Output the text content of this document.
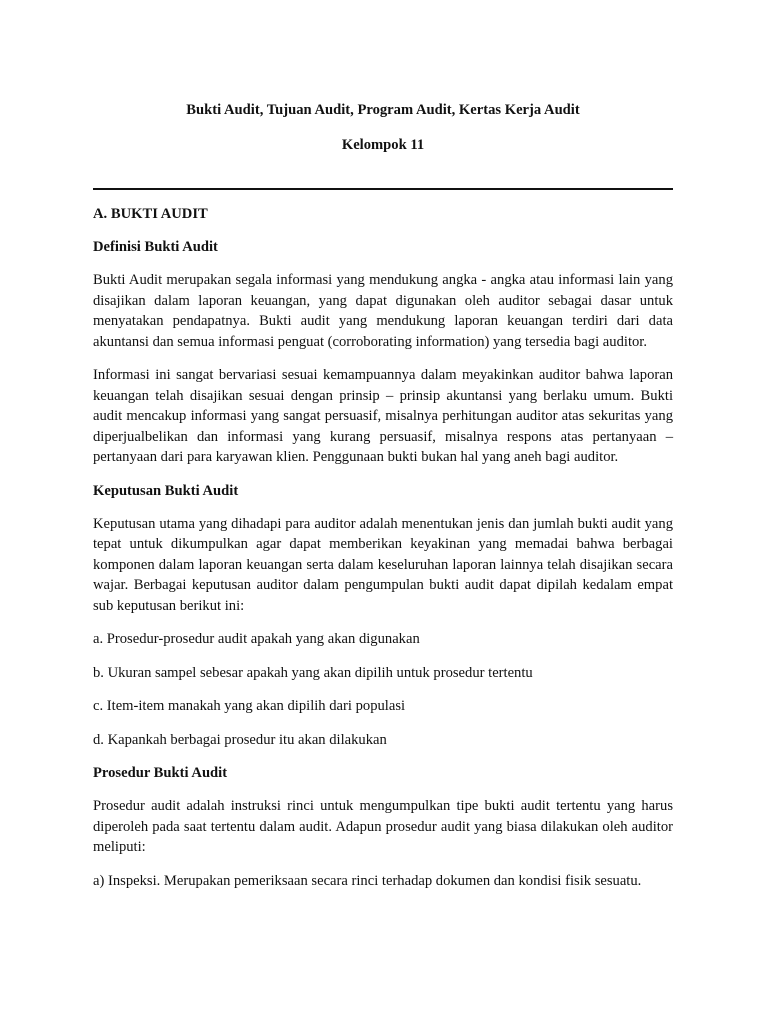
Bukti Audit, Tujuan Audit, Program Audit, Kertas Kerja Audit
Kelompok 11
A. BUKTI AUDIT
Definisi Bukti Audit

Bukti Audit merupakan segala informasi yang mendukung angka - angka atau informasi lain yang disajikan dalam laporan keuangan, yang dapat digunakan oleh auditor sebagai dasar untuk menyatakan pendapatnya. Bukti audit yang mendukung laporan keuangan terdiri dari data akuntansi dan semua informasi penguat (corroborating information) yang tersedia bagi auditor.

Informasi ini sangat bervariasi sesuai kemampuannya dalam meyakinkan auditor bahwa laporan keuangan telah disajikan sesuai dengan prinsip – prinsip akuntansi yang berlaku umum. Bukti audit mencakup informasi yang sangat persuasif, misalnya perhitungan auditor atas sekuritas yang diperjualbelikan dan informasi yang kurang persuasif, misalnya respons atas pertanyaan – pertanyaan dari para karyawan klien. Penggunaan bukti bukan hal yang aneh bagi auditor.

Keputusan Bukti Audit

Keputusan utama yang dihadapi para auditor adalah menentukan jenis dan jumlah bukti audit yang tepat untuk dikumpulkan agar dapat memberikan keyakinan yang memadai bahwa berbagai komponen dalam laporan keuangan serta dalam keseluruhan laporan lainnya telah disajikan secara wajar. Berbagai keputusan auditor dalam pengumpulan bukti audit dapat dipilah kedalam empat sub keputusan berikut ini:

a. Prosedur-prosedur audit apakah yang akan digunakan

b. Ukuran sampel sebesar apakah yang akan dipilih untuk prosedur tertentu

c. Item-item manakah yang akan dipilih dari populasi

d. Kapankah berbagai prosedur itu akan dilakukan

Prosedur Bukti Audit

Prosedur audit adalah instruksi rinci untuk mengumpulkan tipe bukti audit tertentu yang harus diperoleh pada saat tertentu dalam audit. Adapun prosedur audit yang biasa dilakukan oleh auditor meliputi:

a) Inspeksi. Merupakan pemeriksaan secara rinci terhadap dokumen dan kondisi fisik sesuatu.
